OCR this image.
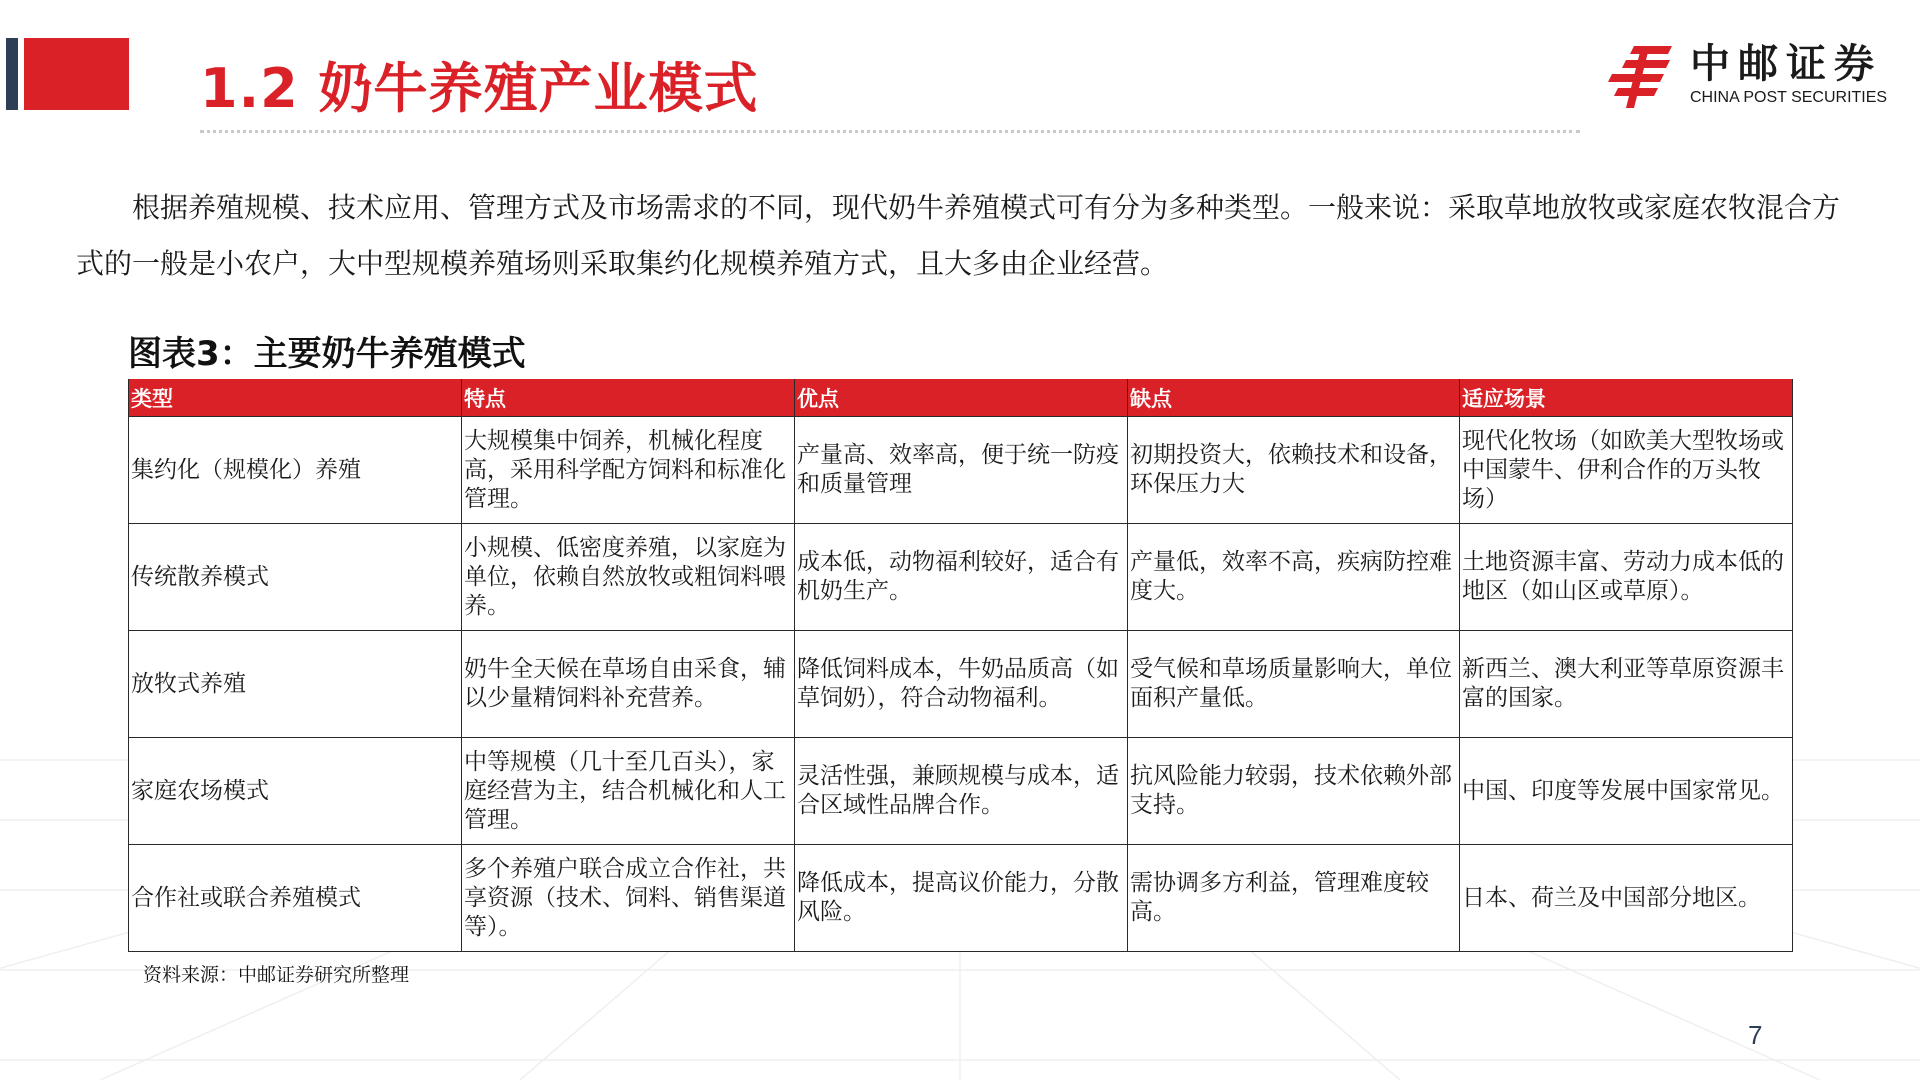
1.2 奶牛养殖产业模式	中邮证券
CHINA POST SECURITIES
根据养殖规模、技术应用、管理方式及市场需求的不同，现代奶牛养殖模式可有分为多种类型。一般来说：采取草地放牧或家庭农牧混合方式的一般是小农户，大中型规模养殖场则采取集约化规模养殖方式，且大多由企业经营。
图表3：主要奶牛养殖模式
类型	特点	优点	缺点	适应场景
集约化（规模化）养殖	大规模集中饲养，机械化程度高，采用科学配方饲料和标准化管理。	产量高、效率高，便于统一防疫和质量管理	初期投资大，依赖技术和设备，环保压力大	现代化牧场（如欧美大型牧场或中国蒙牛、伊利合作的万头牧场）
传统散养模式	小规模、低密度养殖，以家庭为单位，依赖自然放牧或粗饲料喂养。	成本低，动物福利较好，适合有机奶生产。	产量低，效率不高，疾病防控难度大。	土地资源丰富、劳动力成本低的地区（如山区或草原）。
放牧式养殖	奶牛全天候在草场自由采食，辅以少量精饲料补充营养。	降低饲料成本，牛奶品质高（如草饲奶），符合动物福利。	受气候和草场质量影响大，单位面积产量低。	新西兰、澳大利亚等草原资源丰富的国家。
家庭农场模式	中等规模（几十至几百头），家庭经营为主，结合机械化和人工管理。	灵活性强，兼顾规模与成本，适合区域性品牌合作。	抗风险能力较弱，技术依赖外部支持。	中国、印度等发展中国家常见。
合作社或联合养殖模式	多个养殖户联合成立合作社，共享资源（技术、饲料、销售渠道等）。	降低成本，提高议价能力，分散风险。	需协调多方利益，管理难度较高。	日本、荷兰及中国部分地区。
资料来源：中邮证券研究所整理
7
